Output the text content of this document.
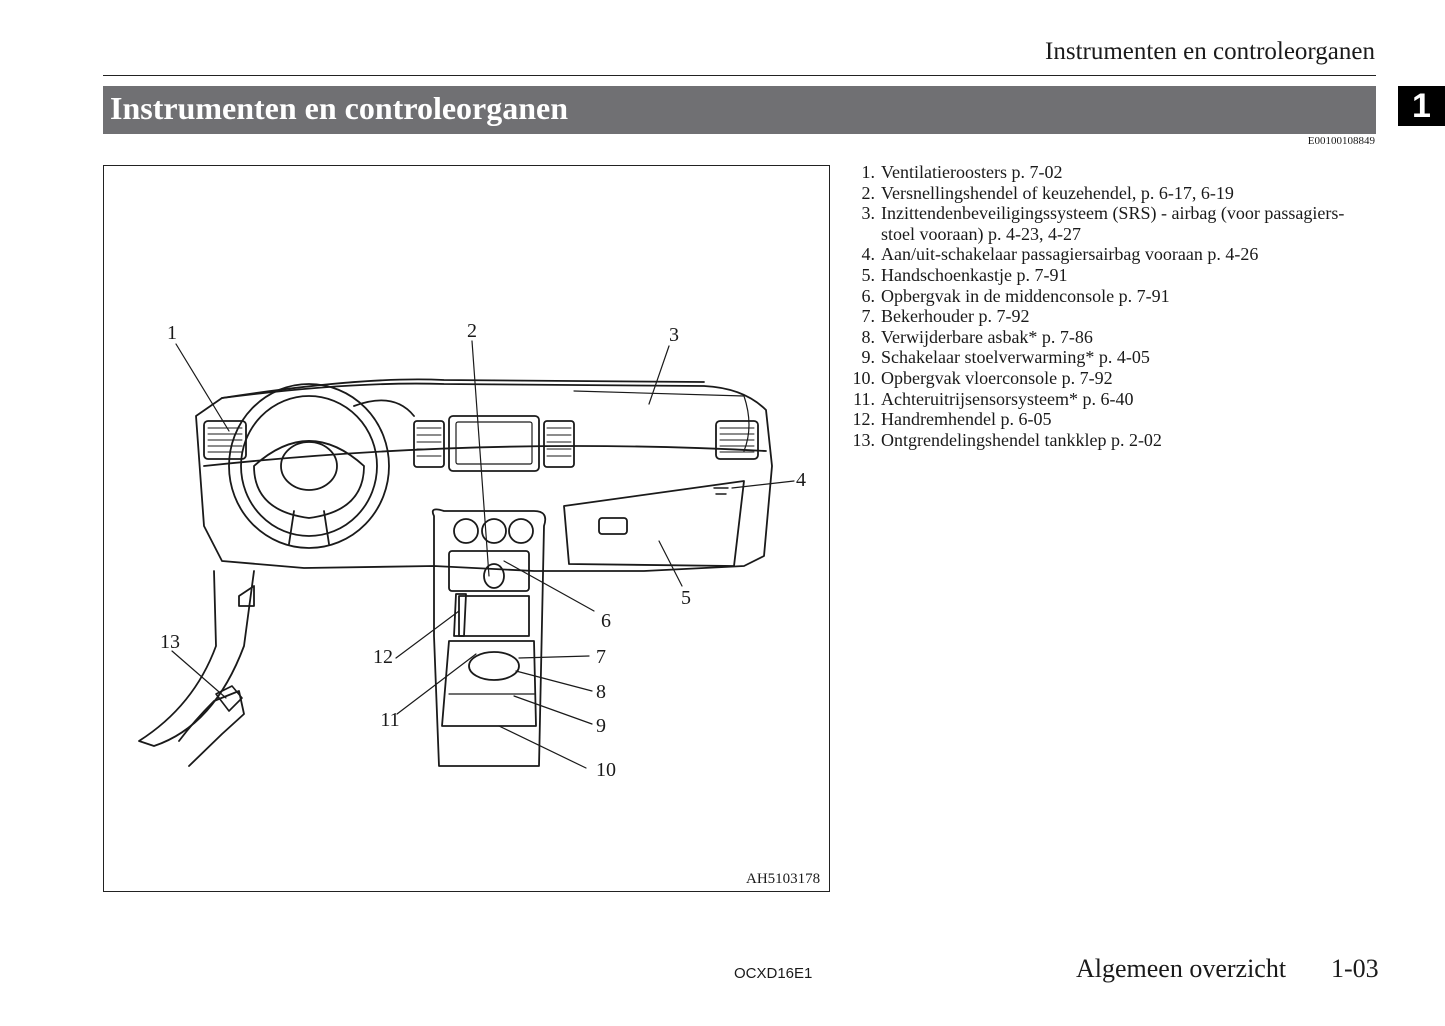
Instrumenten en controleorganen
Instrumenten en controleorganen	1
E00100108849
1	2	3
4
5
6
7
8
9
10
11
12
13
AH5103178
1. Ventilatieroosters p. 7-02
2. Versnellingshendel of keuzehendel, p. 6-17, 6-19
3. Inzittendenbeveiligingssysteem (SRS) - airbag (voor passagiers-stoel vooraan) p. 4-23, 4-27
4. Aan/uit-schakelaar passagiersairbag vooraan p. 4-26
5. Handschoenkastje p. 7-91
6. Opbergvak in de middenconsole p. 7-91
7. Bekerhouder p. 7-92
8. Verwijderbare asbak* p. 7-86
9. Schakelaar stoelverwarming* p. 4-05
10. Opbergvak vloerconsole p. 7-92
11. Achteruitrijsensorsysteem* p. 6-40
12. Handremhendel p. 6-05
13. Ontgrendelingshendel tankklep p. 2-02
OCXD16E1	Algemeen overzicht 1-03
